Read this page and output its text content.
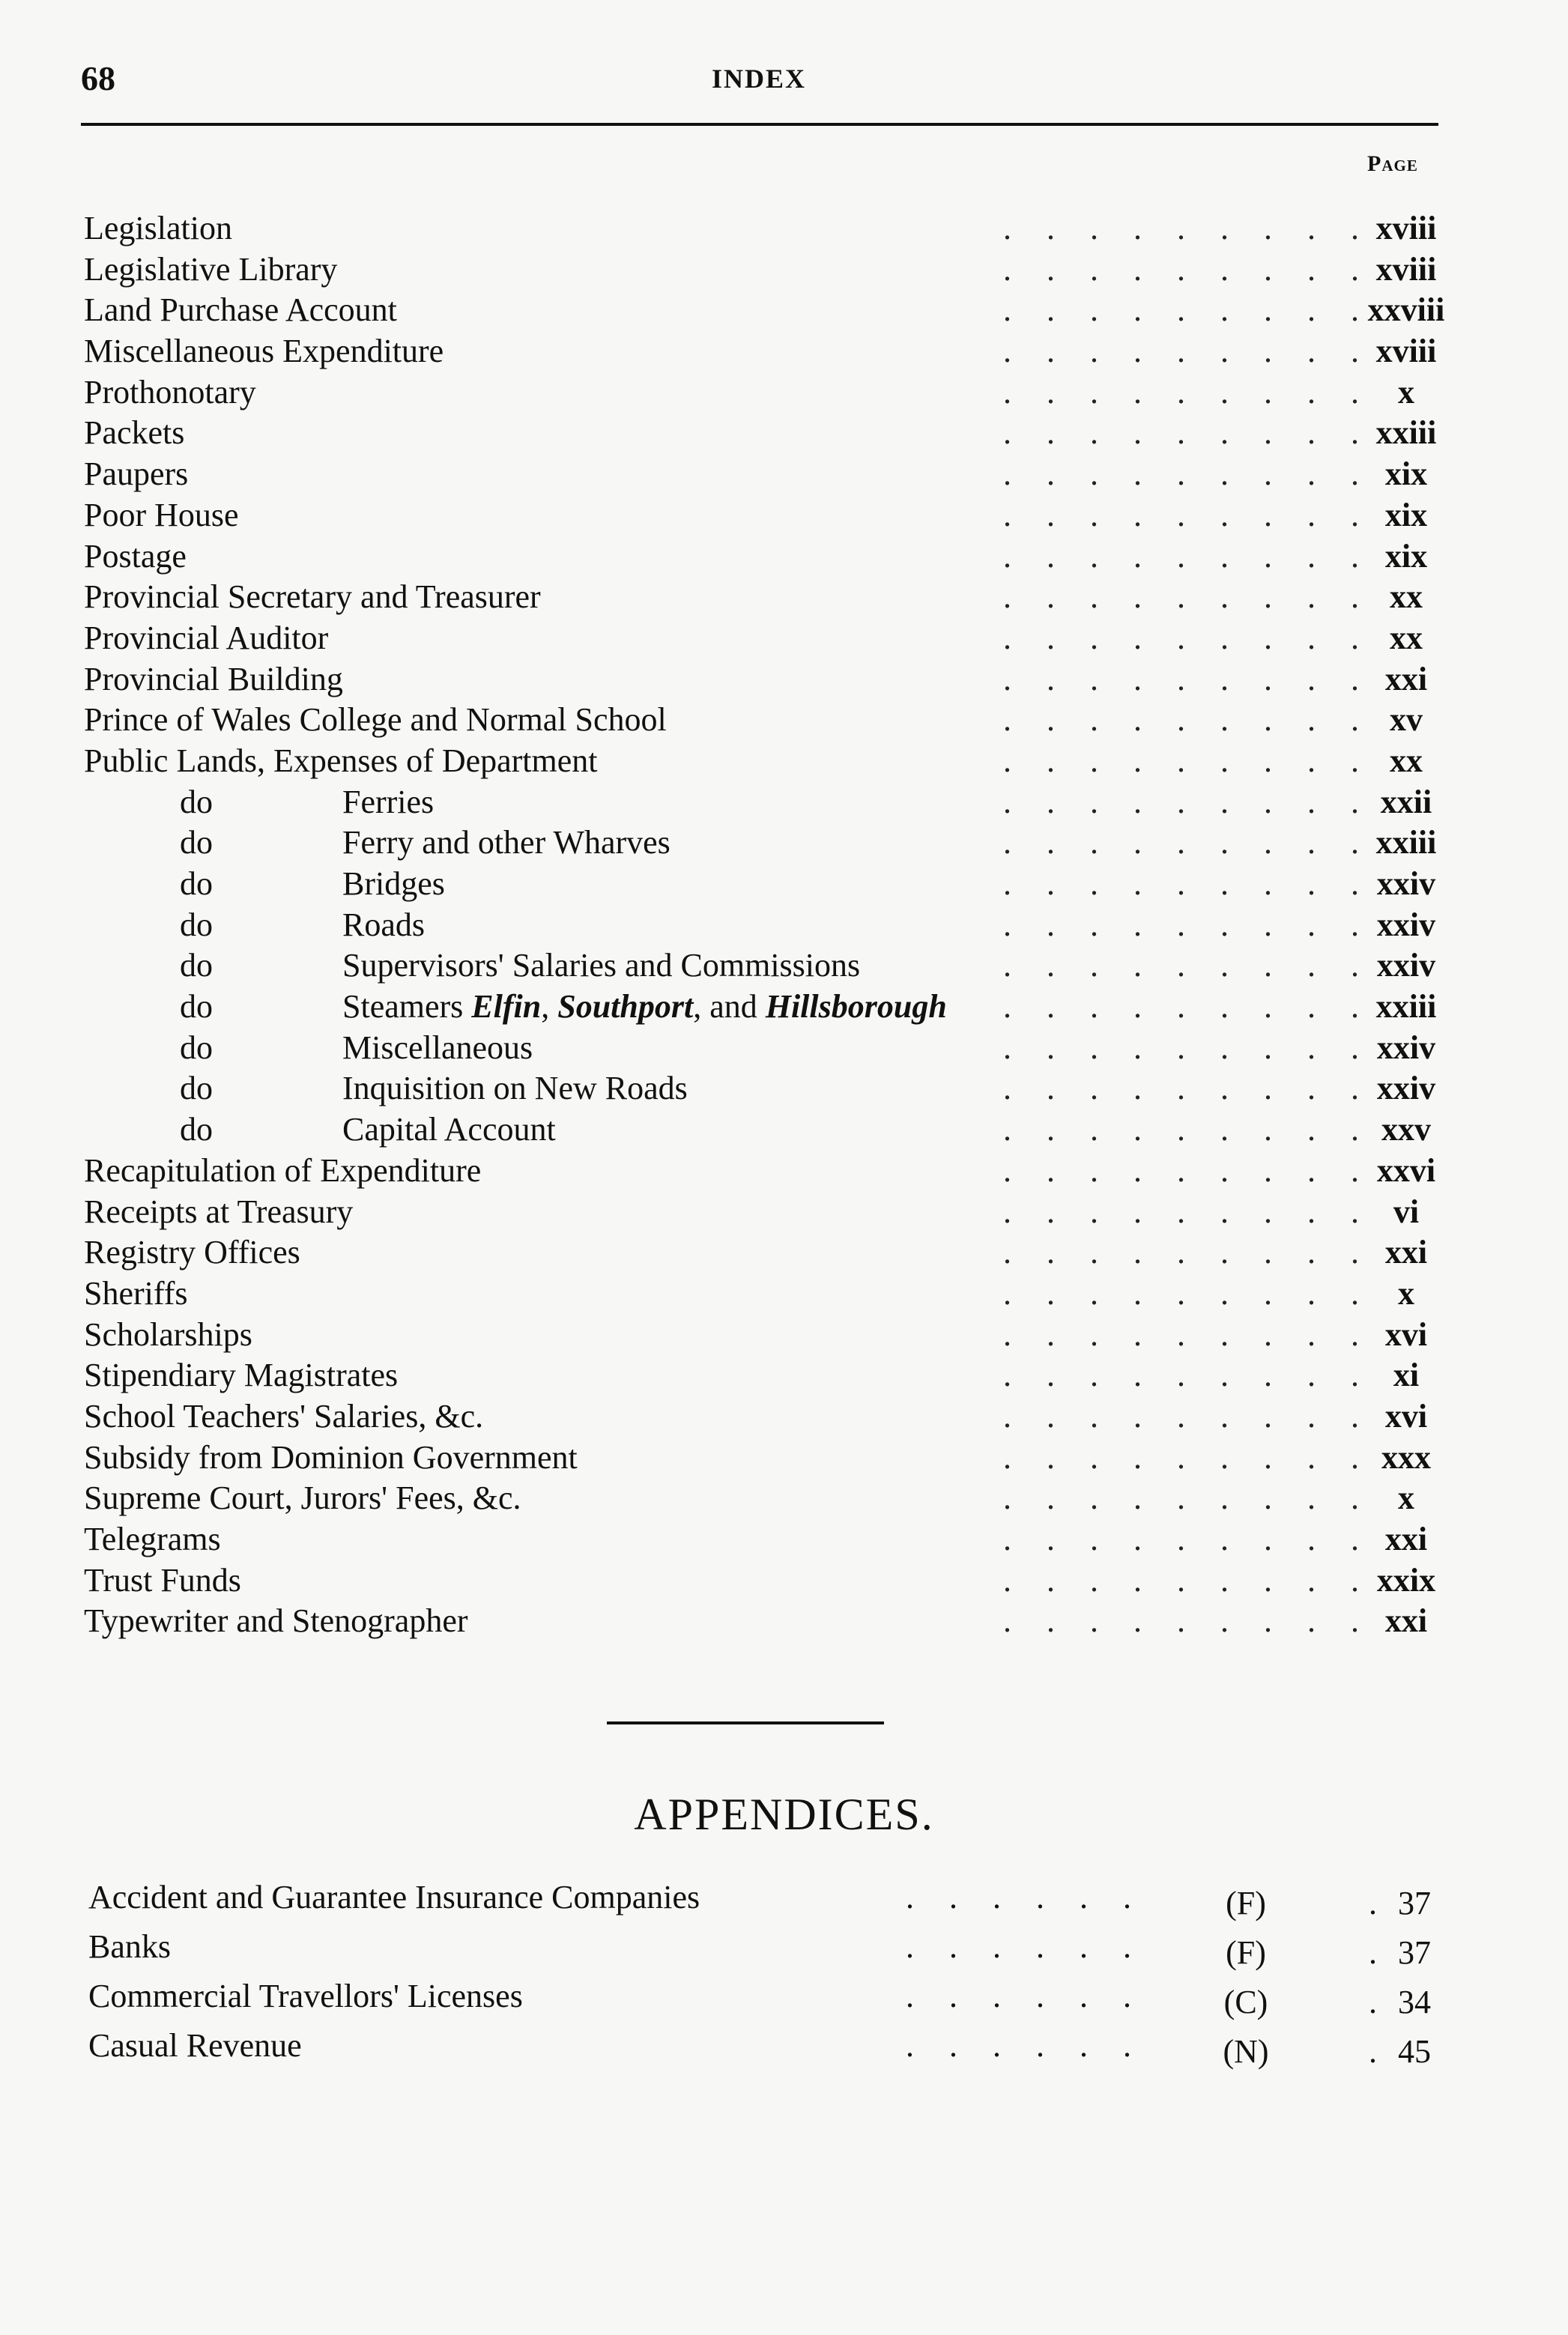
68	INDEX
Page
. . . . . . . . .
Legislation	xviii
. . . . . . . . .
Legislative Library	xviii
. . . . . . . . .
Land Purchase Account	xxviii
. . . . . . . . .
Miscellaneous Expenditure	xviii
. . . . . . . . .
Prothonotary	x
. . . . . . . . .
Packets	xxiii
. . . . . . . . .
Paupers	xix
. . . . . . . . .
Poor House	xix
. . . . . . . . .
Postage	xix
. . . . . . . . .
Provincial Secretary and Treasurer	xx
. . . . . . . . .
Provincial Auditor	xx
. . . . . . . . .
Provincial Building	xxi
. . . . . . . . .
Prince of Wales College and Normal School	xv
. . . . . . . . .
Public Lands, Expenses of Department	xx
. . . . . . . . .
do	Ferries	xxii
. . . . . . . . .
do	Ferry and other Wharves	xxiii
. . . . . . . . .
do	Bridges	xxiv
. . . . . . . . .
do	Roads	xxiv
. . . . . . . . .
do	Supervisors' Salaries and Commissions	xxiv
. . . . . . . . .
do	Steamers Elfin, Southport, and Hillsborough	xxiii
. . . . . . . . .
do	Miscellaneous	xxiv
. . . . . . . . .
do	Inquisition on New Roads	xxiv
. . . . . . . . .
do	Capital Account	xxv
. . . . . . . . .
Recapitulation of Expenditure	xxvi
. . . . . . . . .
Receipts at Treasury	vi
. . . . . . . . .
Registry Offices	xxi
. . . . . . . . .
Sheriffs	x
. . . . . . . . .
Scholarships	xvi
. . . . . . . . .
Stipendiary Magistrates	xi
. . . . . . . . .
School Teachers' Salaries, &c.	xvi
. . . . . . . . .
Subsidy from Dominion Government	xxx
. . . . . . . . .
Supreme Court, Jurors' Fees, &c.	x
. . . . . . . . .
Telegrams	xxi
. . . . . . . . .
Trust Funds	xxix
. . . . . . . . .
Typewriter and Stenographer	xxi
APPENDICES.
. . . . . .
Accident and Guarantee Insurance Companies	(F)	. 37
. . . . . .
Banks	(F)	. 37
. . . . . .
Commercial Travellors' Licenses	(C)	. 34
. . . . . .
Casual Revenue	(N)	. 45
